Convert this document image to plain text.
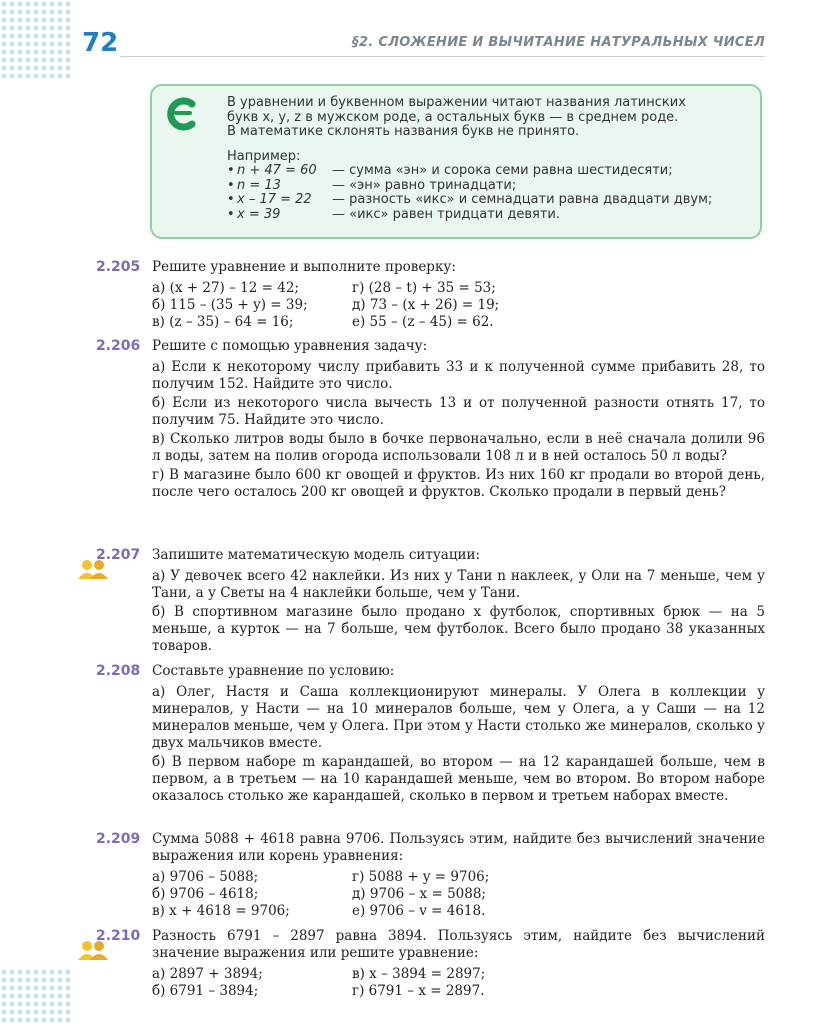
72	§2. СЛОЖЕНИЕ И ВЫЧИТАНИЕ НАТУРАЛЬНЫХ ЧИСЕЛ
В уравнении и буквенном выражении читают названия латинских
букв x, y, z в мужском роде, а остальных букв — в среднем роде.
В математике склонять названия букв не принято.
Например:
• n + 47 = 60	— сумма «эн» и сорока семи равна шестидесяти;
• n = 13	— «эн» равно тринадцати;
• x – 17 = 22	— разность «икс» и семнадцати равна двадцати двум;
• x = 39	— «икс» равен тридцати девяти.
2.205 Решите уравнение и выполните проверку:

а) (x + 27) – 12 = 42;	г) (28 – t) + 35 = 53;
б) 115 – (35 + y) = 39;	д) 73 – (x + 26) = 19;
в) (z – 35) – 64 = 16;	е) 55 – (z – 45) = 62.
2.206 Решите с помощью уравнения задачу:

а) Если к некоторому числу прибавить 33 и к полученной сумме прибавить 28, то получим 152. Найдите это число.

б) Если из некоторого числа вычесть 13 и от полученной разности отнять 17, то получим 75. Найдите это число.

в) Сколько литров воды было в бочке первоначально, если в неё сначала долили 96 л воды, затем на полив огорода использовали 108 л и в ней осталось 50 л воды?

г) В магазине было 600 кг овощей и фруктов. Из них 160 кг продали во второй день, после чего осталось 200 кг овощей и фруктов. Сколько продали в первый день?

2.207 Запишите математическую модель ситуации:

а) У девочек всего 42 наклейки. Из них у Тани n наклеек, у Оли на 7 меньше, чем у Тани, а у Светы на 4 наклейки больше, чем у Тани.

б) В спортивном магазине было продано x футболок, спортивных брюк — на 5 меньше, а курток — на 7 больше, чем футболок. Всего было продано 38 указанных товаров.

2.208 Составьте уравнение по условию:

а) Олег, Настя и Саша коллекционируют минералы. У Олега в коллекции y минералов, у Насти — на 10 минералов больше, чем у Олега, а у Саши — на 12 минералов меньше, чем у Олега. При этом у Насти столько же минералов, сколько у двух мальчиков вместе.

б) В первом наборе m карандашей, во втором — на 12 карандашей больше, чем в первом, а в третьем — на 10 карандашей меньше, чем во втором. Во втором наборе оказалось столько же карандашей, сколько в первом и третьем наборах вместе.

2.209 Сумма 5088 + 4618 равна 9706. Пользуясь этим, найдите без вычислений значение выражения или корень уравнения:

а) 9706 – 5088;	г) 5088 + y = 9706;
б) 9706 – 4618;	д) 9706 – x = 5088;
в) x + 4618 = 9706;	е) 9706 – v = 4618.
2.210 Разность 6791 – 2897 равна 3894. Пользуясь этим, найдите без вычислений значение выражения или решите уравнение:

а) 2897 + 3894;	в) x – 3894 = 2897;
б) 6791 – 3894;	г) 6791 – x = 2897.
